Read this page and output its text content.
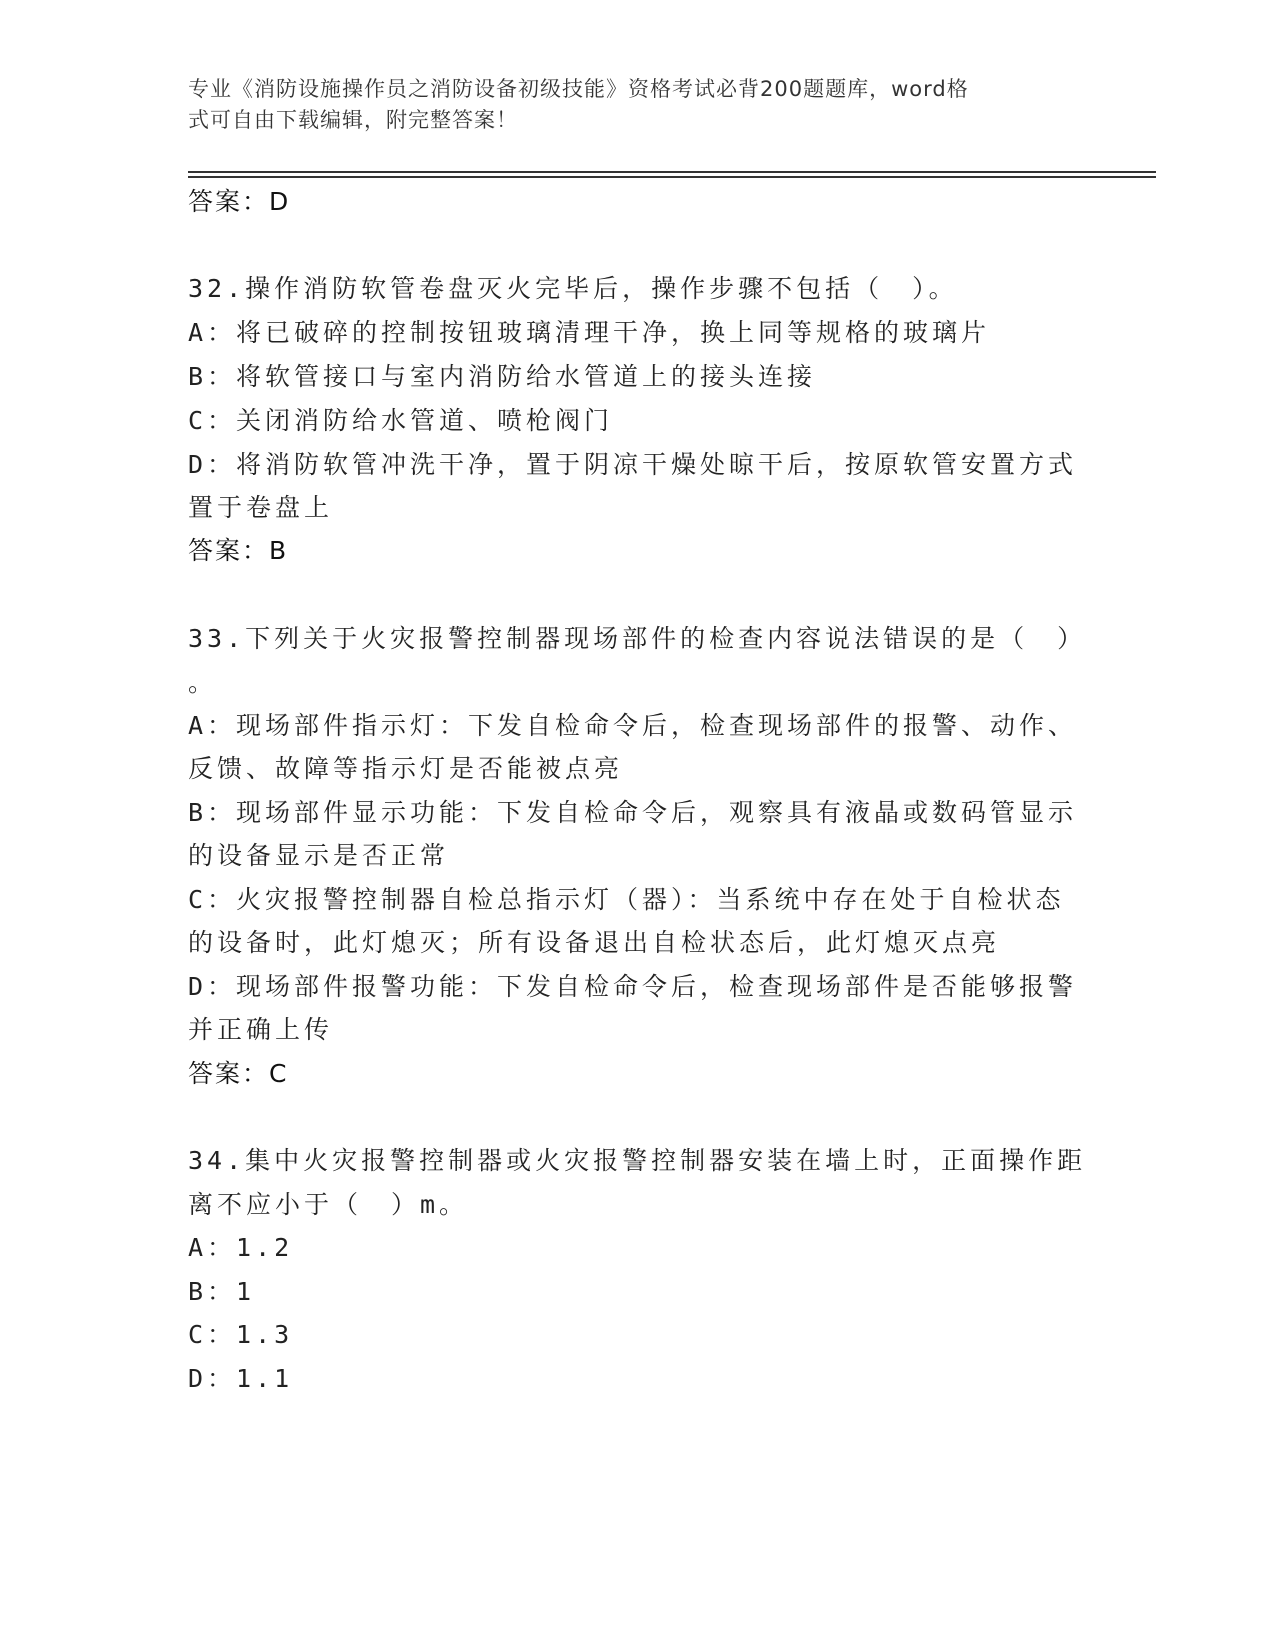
专业《消防设施操作员之消防设备初级技能》资格考试必背200题题库，word格
式可自由下载编辑，附完整答案！
答案：D
32.操作消防软管卷盘灭火完毕后，操作步骤不包括（　）。
A：将已破碎的控制按钮玻璃清理干净，换上同等规格的玻璃片
B：将软管接口与室内消防给水管道上的接头连接
C：关闭消防给水管道、喷枪阀门
D：将消防软管冲洗干净，置于阴凉干燥处晾干后，按原软管安置方式
置于卷盘上
答案：B
33.下列关于火灾报警控制器现场部件的检查内容说法错误的是（　）
。
A：现场部件指示灯：下发自检命令后，检查现场部件的报警、动作、
反馈、故障等指示灯是否能被点亮
B：现场部件显示功能：下发自检命令后，观察具有液晶或数码管显示
的设备显示是否正常
C：火灾报警控制器自检总指示灯（器）：当系统中存在处于自检状态
的设备时，此灯熄灭；所有设备退出自检状态后，此灯熄灭点亮
D：现场部件报警功能：下发自检命令后，检查现场部件是否能够报警
并正确上传
答案：C
34.集中火灾报警控制器或火灾报警控制器安装在墙上时，正面操作距
离不应小于（　）m。
A：1.2
B：1
C：1.3
D：1.1
